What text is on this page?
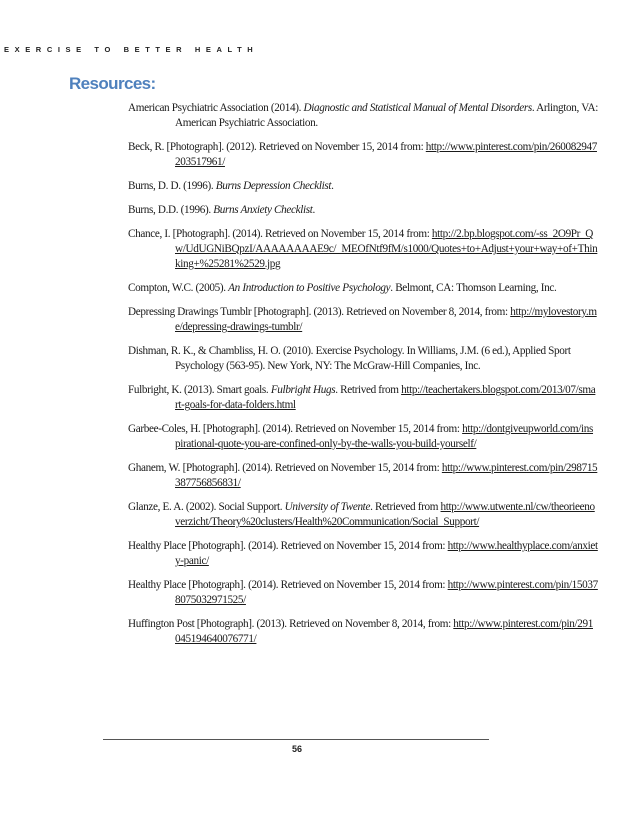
EXERCISE TO BETTER HEALTH
Resources:
American Psychiatric Association (2014). Diagnostic and Statistical Manual of Mental Disorders. Arlington, VA: American Psychiatric Association.
Beck, R. [Photograph]. (2012). Retrieved on November 15, 2014 from: http://www.pinterest.com/pin/260082947203517961/
Burns, D. D. (1996). Burns Depression Checklist.
Burns, D.D. (1996). Burns Anxiety Checklist.
Chance, I. [Photograph]. (2014). Retrieved on November 15, 2014 from: http://2.bp.blogspot.com/-ss_2O9Pr_Qw/UdUGNiBQpzI/AAAAAAAAE9c/_MEOfNtf9fM/s1000/Quotes+to+Adjust+your+way+of+Thinking+%25281%2529.jpg
Compton, W.C. (2005). An Introduction to Positive Psychology. Belmont, CA: Thomson Learning, Inc.
Depressing Drawings Tumblr [Photograph]. (2013). Retrieved on November 8, 2014, from: http://mylovestory.me/depressing-drawings-tumblr/
Dishman, R. K., & Chambliss, H. O. (2010). Exercise Psychology. In Williams, J.M. (6 ed.), Applied Sport Psychology (563-95). New York, NY: The McGraw-Hill Companies, Inc.
Fulbright, K. (2013). Smart goals. Fulbright Hugs. Retrived from http://teachertakers.blogspot.com/2013/07/smart-goals-for-data-folders.html
Garbee-Coles, H. [Photograph]. (2014). Retrieved on November 15, 2014 from: http://dontgiveupworld.com/inspirational-quote-you-are-confined-only-by-the-walls-you-build-yourself/
Ghanem, W. [Photograph]. (2014). Retrieved on November 15, 2014 from: http://www.pinterest.com/pin/298715387756856831/
Glanze, E. A. (2002). Social Support. University of Twente. Retrieved from http://www.utwente.nl/cw/theorieenoverzicht/Theory%20clusters/Health%20Communication/Social_Support/
Healthy Place [Photograph]. (2014). Retrieved on November 15, 2014 from: http://www.healthyplace.com/anxiety-panic/
Healthy Place [Photograph]. (2014). Retrieved on November 15, 2014 from: http://www.pinterest.com/pin/150378075032971525/
Huffington Post [Photograph]. (2013). Retrieved on November 8, 2014, from: http://www.pinterest.com/pin/291045194640076771/
56
